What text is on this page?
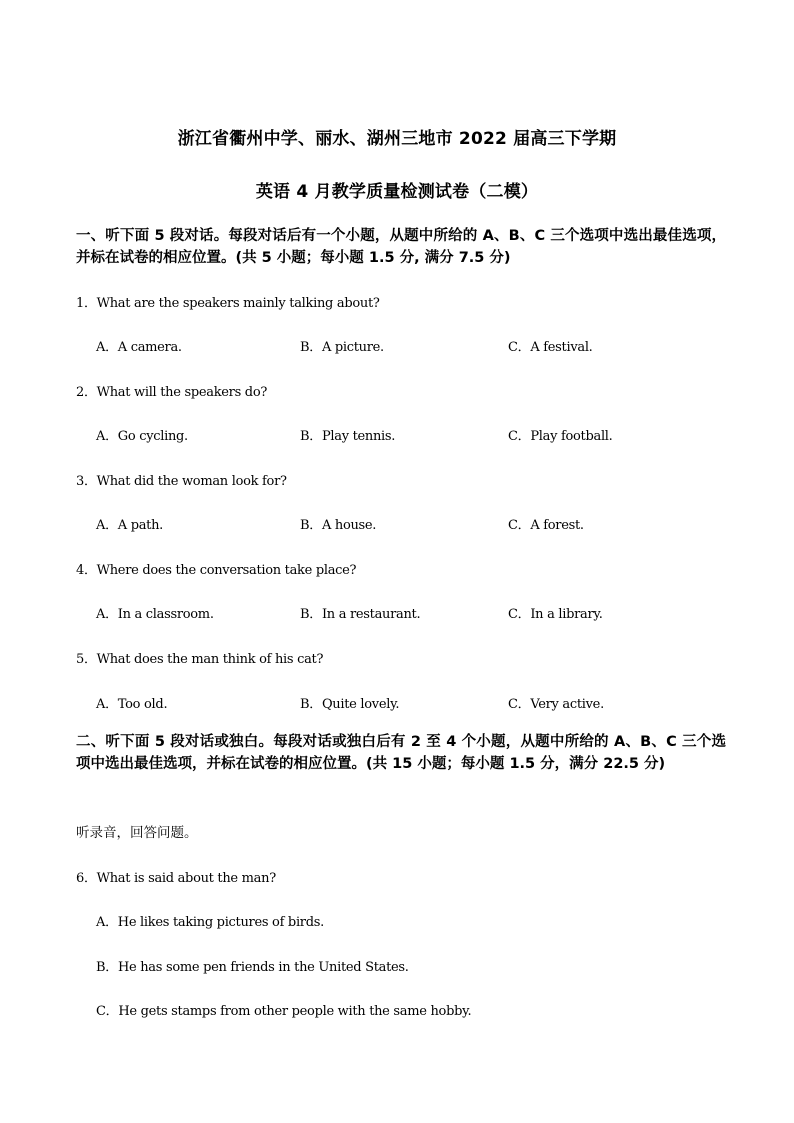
浙江省衢州中学、丽水、湖州三地市 2022 届高三下学期
英语 4 月教学质量检测试卷（二模）
一、听下面 5 段对话。每段对话后有一个小题，从题中所给的 A、B、C 三个选项中选出最佳选项，并标在试卷的相应位置。(共 5 小题；每小题 1.5 分, 满分 7.5 分)
1．What are the speakers mainly talking about?
A．A camera.	B．A picture.	C．A festival.
2．What will the speakers do?
A．Go cycling.	B．Play tennis.	C．Play football.
3．What did the woman look for?
A．A path.	B．A house.	C．A forest.
4．Where does the conversation take place?
A．In a classroom.	B．In a restaurant.	C．In a library.
5．What does the man think of his cat?
A．Too old.	B．Quite lovely.	C．Very active.
二、听下面 5 段对话或独白。每段对话或独白后有 2 至 4 个小题，从题中所给的 A、B、C 三个选项中选出最佳选项，并标在试卷的相应位置。(共 15 小题；每小题 1.5 分，满分 22.5 分)
听录音，回答问题。
6．What is said about the man?
A．He likes taking pictures of birds.
B．He has some pen friends in the United States.
C．He gets stamps from other people with the same hobby.
